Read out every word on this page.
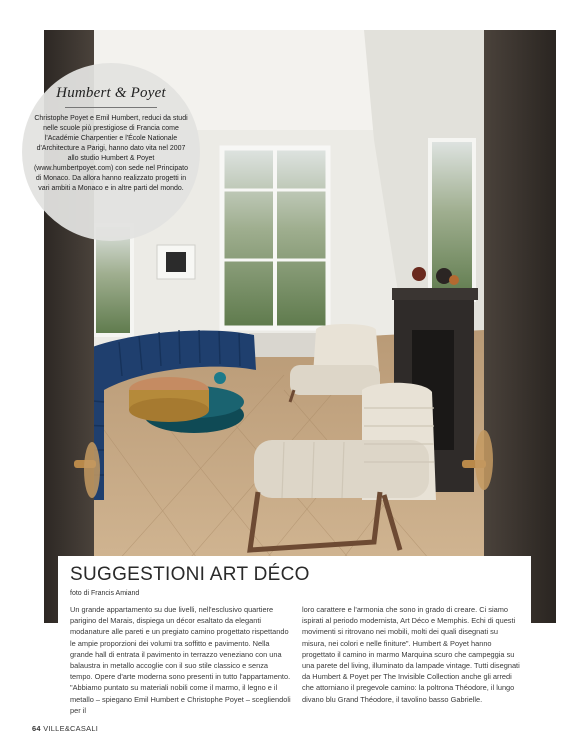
Humbert & Poyet
Christophe Poyet e Emil Humbert, reduci da studi nelle scuole più prestigiose di Francia come l'Académie Charpentier e l'École Nationale d'Architecture a Parigi, hanno dato vita nel 2007 allo studio Humbert & Poyet (www.humbertpoyet.com) con sede nel Principato di Monaco. Da allora hanno realizzato progetti in vari ambiti a Monaco e in altre parti del mondo.
SUGGESTIONI ART DÉCO
foto di Francis Amiand
Un grande appartamento su due livelli, nell'esclusivo quartiere parigino del Marais, dispiega un décor esaltato da eleganti modanature alle pareti e un pregiato camino progettato rispettando le ampie proporzioni dei volumi tra soffitto e pavimento. Nella grande hall di entrata il pavimento in terrazzo veneziano con una balaustra in metallo accoglie con il suo stile classico e senza tempo. Opere d'arte moderna sono presenti in tutto l'appartamento. "Abbiamo puntato su materiali nobili come il marmo, il legno e il metallo – spiegano Emil Humbert e Christophe Poyet – scegliendoli per il
loro carattere e l'armonia che sono in grado di creare. Ci siamo ispirati al periodo modernista, Art Déco e Memphis. Echi di questi movimenti si ritrovano nei mobili, molti dei quali disegnati su misura, nei colori e nelle finiture". Humbert & Poyet hanno progettato il camino in marmo Marquina scuro che campeggia su una parete del living, illuminato da lampade vintage. Tutti disegnati da Humbert & Poyet per The Invisible Collection anche gli arredi che attorniano il pregevole camino: la poltrona Théodore, il lungo divano blu Grand Théodore, il tavolino basso Gabrielle.
64 VILLE&CASALI
